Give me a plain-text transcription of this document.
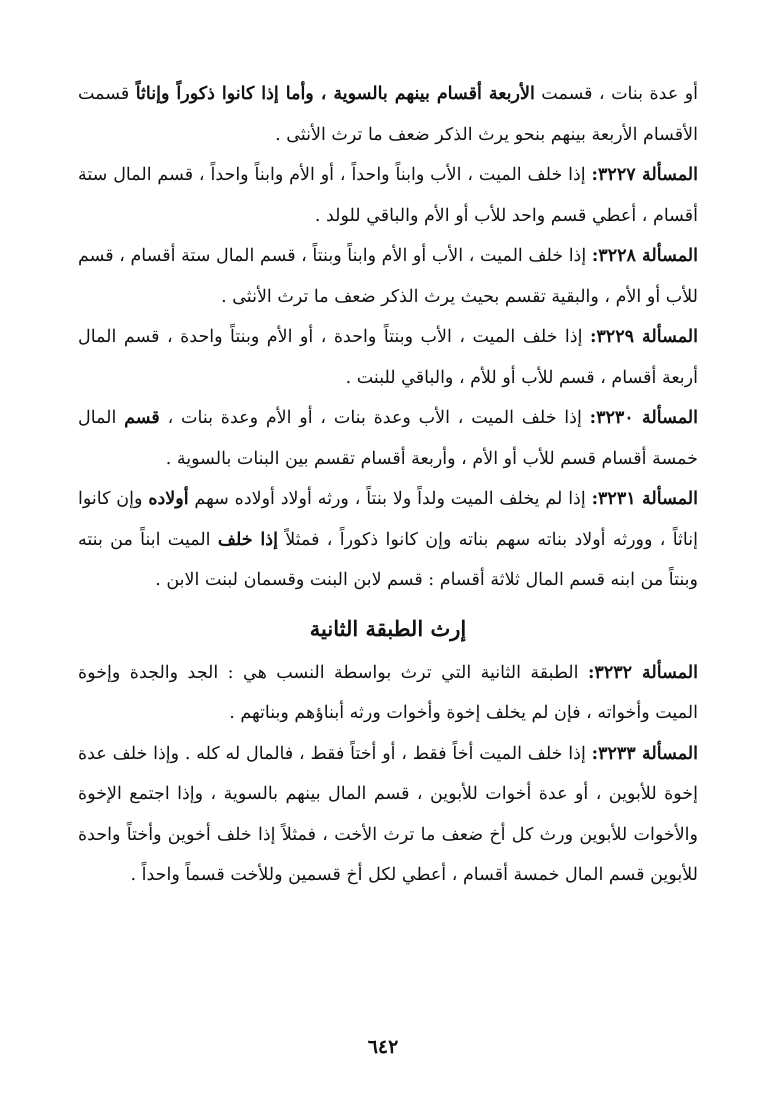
أو عدة بنات ، قسمت الأربعة أقسام بينهم بالسوية ، وأما إذا كانوا ذكوراً وإناثاً قسمت الأقسام الأربعة بينهم بنحو يرث الذكر ضعف ما ترث الأنثى .

المسألة ٣٢٢٧: إذا خلف الميت ، الأب وابناً واحداً ، أو الأم وابناً واحداً ، قسم المال ستة أقسام ، أعطي قسم واحد للأب أو الأم والباقي للولد .

المسألة ٣٢٢٨: إذا خلف الميت ، الأب أو الأم وابناً وبنتاً ، قسم المال ستة أقسام ، قسم للأب أو الأم ، والبقية تقسم بحيث يرث الذكر ضعف ما ترث الأنثى .

المسألة ٣٢٢٩: إذا خلف الميت ، الأب وبنتاً واحدة ، أو الأم وبنتاً واحدة ، قسم المال أربعة أقسام ، قسم للأب أو للأم ، والباقي للبنت .

المسألة ٣٢٣٠: إذا خلف الميت ، الأب وعدة بنات ، أو الأم وعدة بنات ، قسم المال خمسة أقسام قسم للأب أو الأم ، وأربعة أقسام تقسم بين البنات بالسوية .

المسألة ٣٢٣١: إذا لم يخلف الميت ولداً ولا بنتاً ، ورثه أولاد أولاده سهم أولاده وإن كانوا إناثاً ، وورثه أولاد بناته سهم بناته وإن كانوا ذكوراً ، فمثلاً إذا خلف الميت ابناً من بنته وبنتاً من ابنه قسم المال ثلاثة أقسام : قسم لابن البنت وقسمان لبنت الابن .

إرث الطبقة الثانية

المسألة ٣٢٣٢: الطبقة الثانية التي ترث بواسطة النسب هي : الجد والجدة وإخوة الميت وأخواته ، فإن لم يخلف إخوة وأخوات ورثه أبناؤهم وبناتهم .

المسألة ٣٢٣٣: إذا خلف الميت أخاً فقط ، أو أختاً فقط ، فالمال له كله . وإذا خلف عدة إخوة للأبوين ، أو عدة أخوات للأبوين ، قسم المال بينهم بالسوية ، وإذا اجتمع الإخوة والأخوات للأبوين ورث كل أخ ضعف ما ترث الأخت ، فمثلاً إذا خلف أخوين وأختاً واحدة للأبوين قسم المال خمسة أقسام ، أعطي لكل أخ قسمين وللأخت قسماً واحداً .

٦٤٢
